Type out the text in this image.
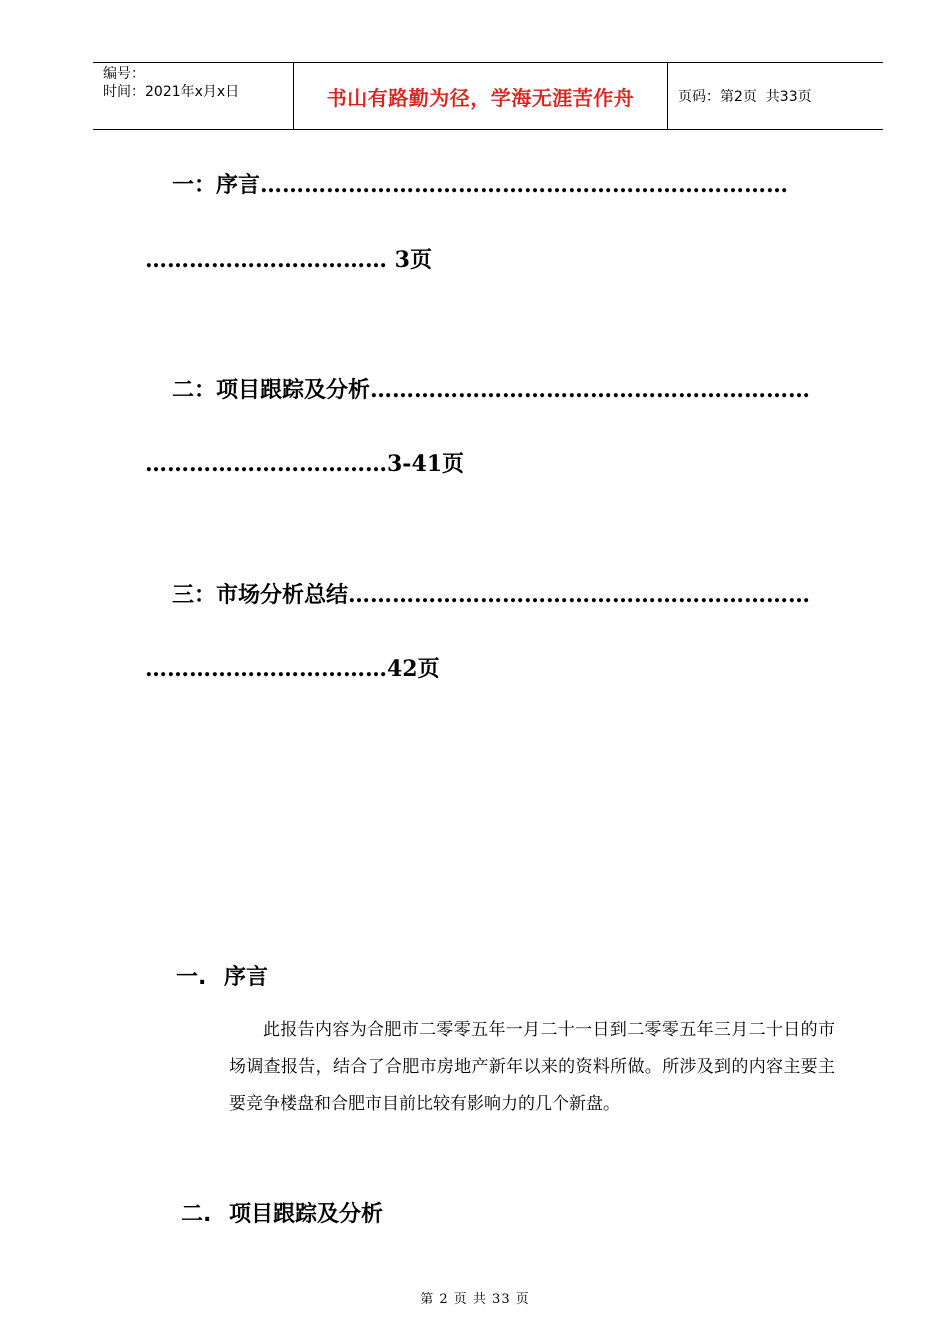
编号：
时间：2021年x月x日	书山有路勤为径，学海无涯苦作舟	页码：第2页  共33页
一：序言………………………………………………………………
…………………………… 3页
二：项目跟踪及分析……………………………………………………
……………………………3-41页
三：市场分析总结………………………………………………………
……………………………42页
一. 序言
此报告内容为合肥市二零零五年一月二十一日到二零零五年三月二十日的市场调查报告，结合了合肥市房地产新年以来的资料所做。所涉及到的内容主要主要竞争楼盘和合肥市目前比较有影响力的几个新盘。
二. 项目跟踪及分析
第 2 页 共 33 页
